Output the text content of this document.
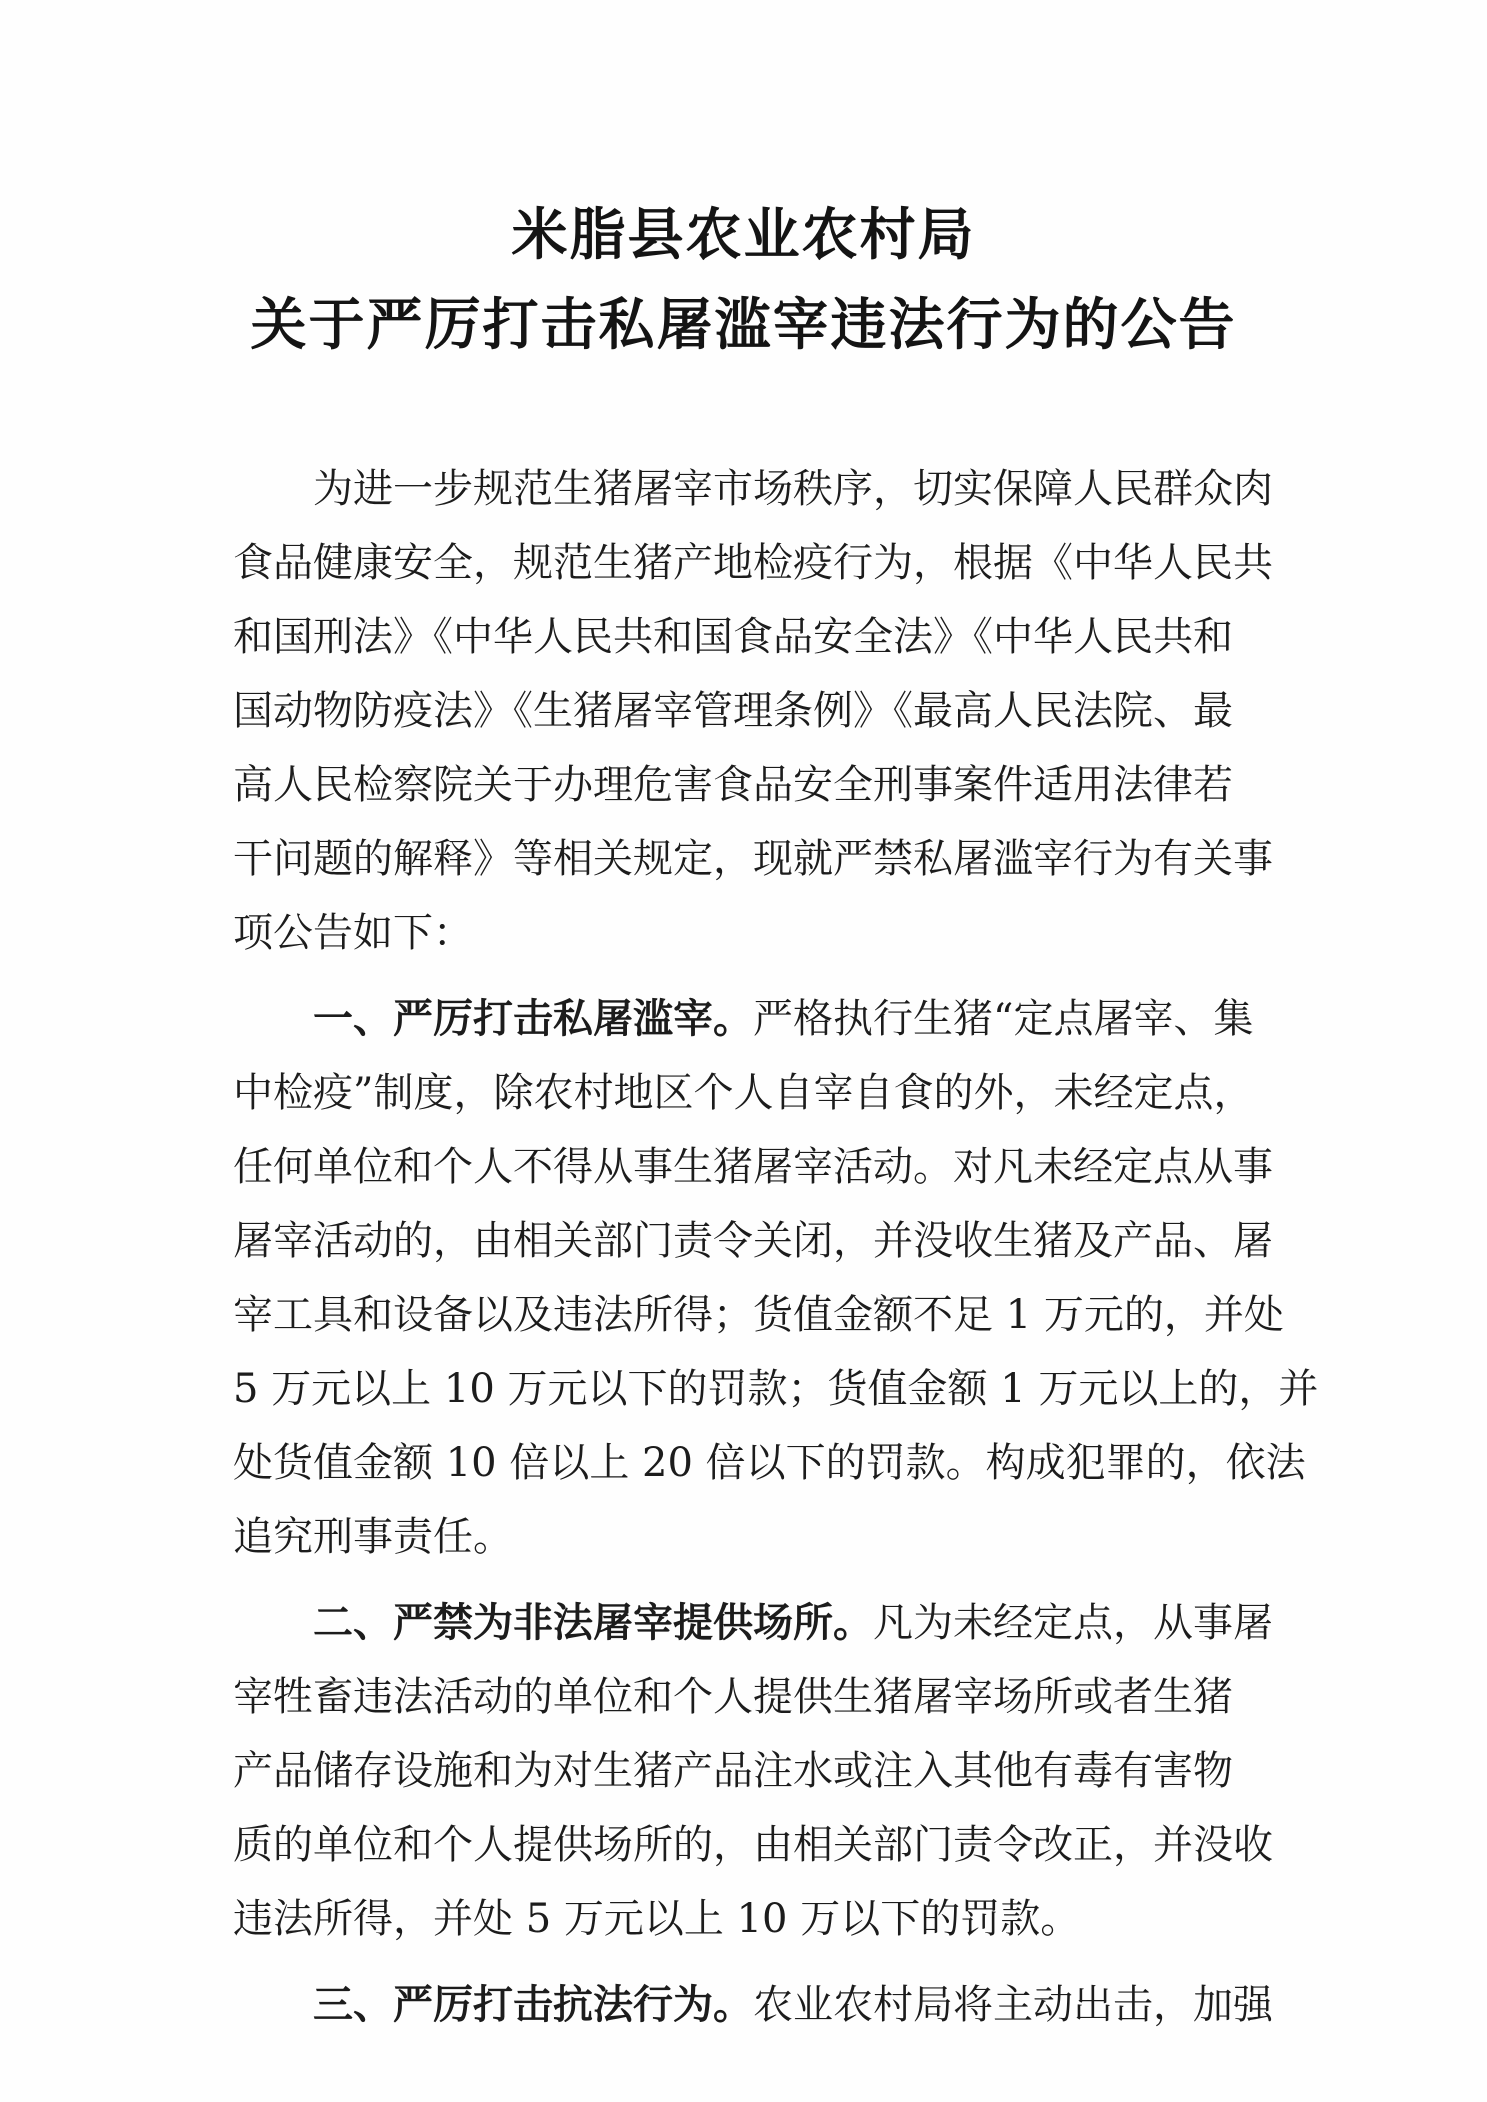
米脂县农业农村局
关于严厉打击私屠滥宰违法行为的公告
为进一步规范生猪屠宰市场秩序，切实保障人民群众肉
食品健康安全，规范生猪产地检疫行为，根据《中华人民共
和国刑法》《中华人民共和国食品安全法》《中华人民共和
国动物防疫法》《生猪屠宰管理条例》《最高人民法院、最
高人民检察院关于办理危害食品安全刑事案件适用法律若
干问题的解释》等相关规定，现就严禁私屠滥宰行为有关事
项公告如下：
一、严厉打击私屠滥宰。严格执行生猪“定点屠宰、集
中检疫”制度，除农村地区个人自宰自食的外，未经定点，
任何单位和个人不得从事生猪屠宰活动。对凡未经定点从事
屠宰活动的，由相关部门责令关闭，并没收生猪及产品、屠
宰工具和设备以及违法所得；货值金额不足 1 万元的，并处
5 万元以上 10 万元以下的罚款；货值金额 1 万元以上的，并
处货值金额 10 倍以上 20 倍以下的罚款。构成犯罪的，依法
追究刑事责任。
二、严禁为非法屠宰提供场所。凡为未经定点，从事屠
宰牲畜违法活动的单位和个人提供生猪屠宰场所或者生猪
产品储存设施和为对生猪产品注水或注入其他有毒有害物
质的单位和个人提供场所的，由相关部门责令改正，并没收
违法所得，并处 5 万元以上 10 万以下的罚款。
三、严厉打击抗法行为。农业农村局将主动出击，加强
